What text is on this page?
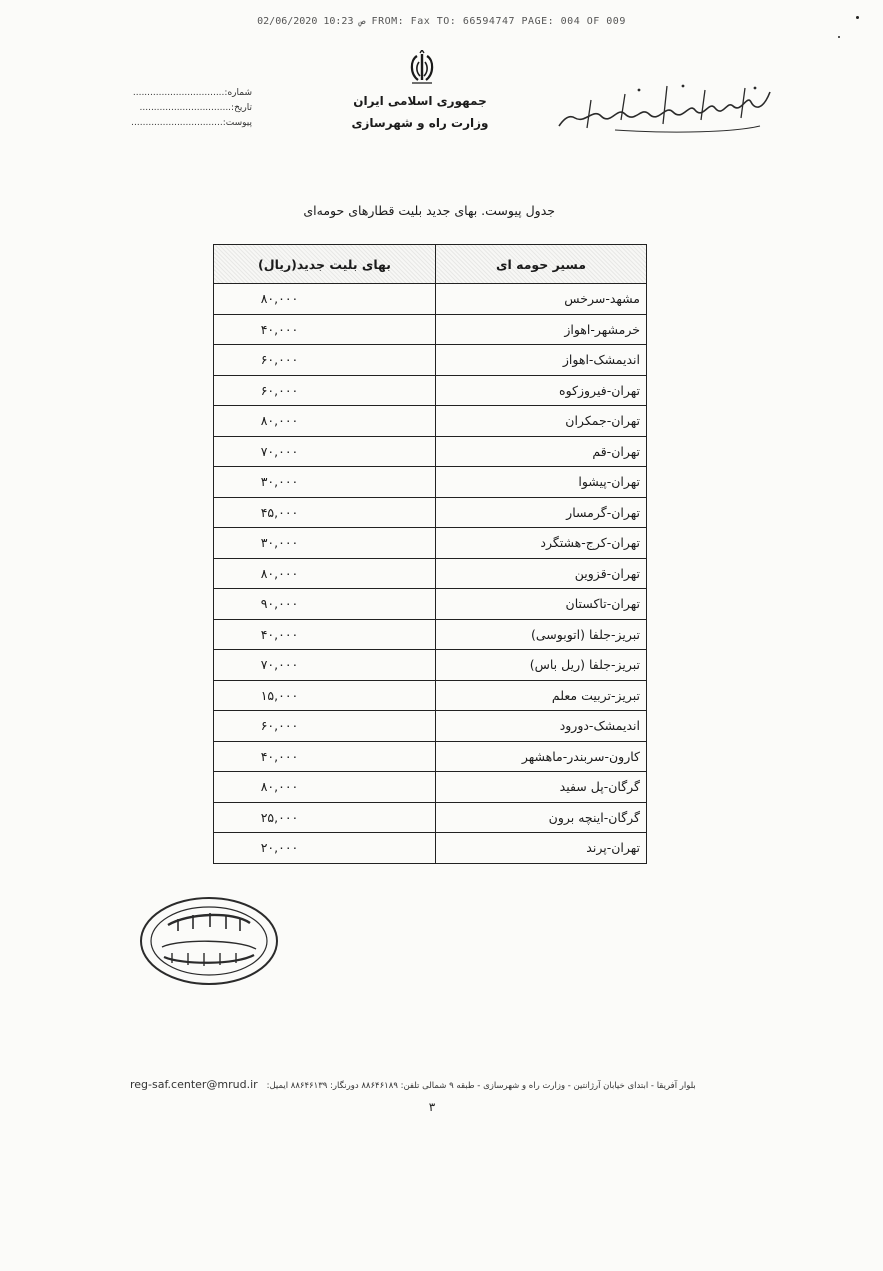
02/06/2020 ص 10:23 FROM: Fax TO: 66594747 PAGE: 004 OF 009
جمهوری اسلامی ایران
وزارت راه و شهرسازی
شماره:................................
تاریخ:................................
پیوست:................................
جدول پیوست. بهای جدید بلیت قطارهای حومه‌ای
بهای بلیت جدید(ریال)	مسیر حومه ای
۸۰,۰۰۰	مشهد-سرخس
۴۰,۰۰۰	خرمشهر-اهواز
۶۰,۰۰۰	اندیمشک-اهواز
۶۰,۰۰۰	تهران-فیروزکوه
۸۰,۰۰۰	تهران-جمکران
۷۰,۰۰۰	تهران-قم
۳۰,۰۰۰	تهران-پیشوا
۴۵,۰۰۰	تهران-گرمسار
۳۰,۰۰۰	تهران-کرج-هشتگرد
۸۰,۰۰۰	تهران-قزوین
۹۰,۰۰۰	تهران-تاکستان
۴۰,۰۰۰	تبریز-جلفا (اتوبوسی)
۷۰,۰۰۰	تبریز-جلفا (ریل باس)
۱۵,۰۰۰	تبریز-تربیت معلم
۶۰,۰۰۰	اندیمشک-دورود
۴۰,۰۰۰	کارون-سربندر-ماهشهر
۸۰,۰۰۰	گرگان-پل سفید
۲۵,۰۰۰	گرگان-اینچه برون
۲۰,۰۰۰	تهران-پرند
reg-saf.center@mrud.ir بلوار آفریقا - ابتدای خیابان آرژانتین - وزارت راه و شهرسازی - طبقه ۹ شمالی تلفن: ۸۸۶۴۶۱۸۹ دورنگار: ۸۸۶۴۶۱۳۹ ایمیل:
۳
